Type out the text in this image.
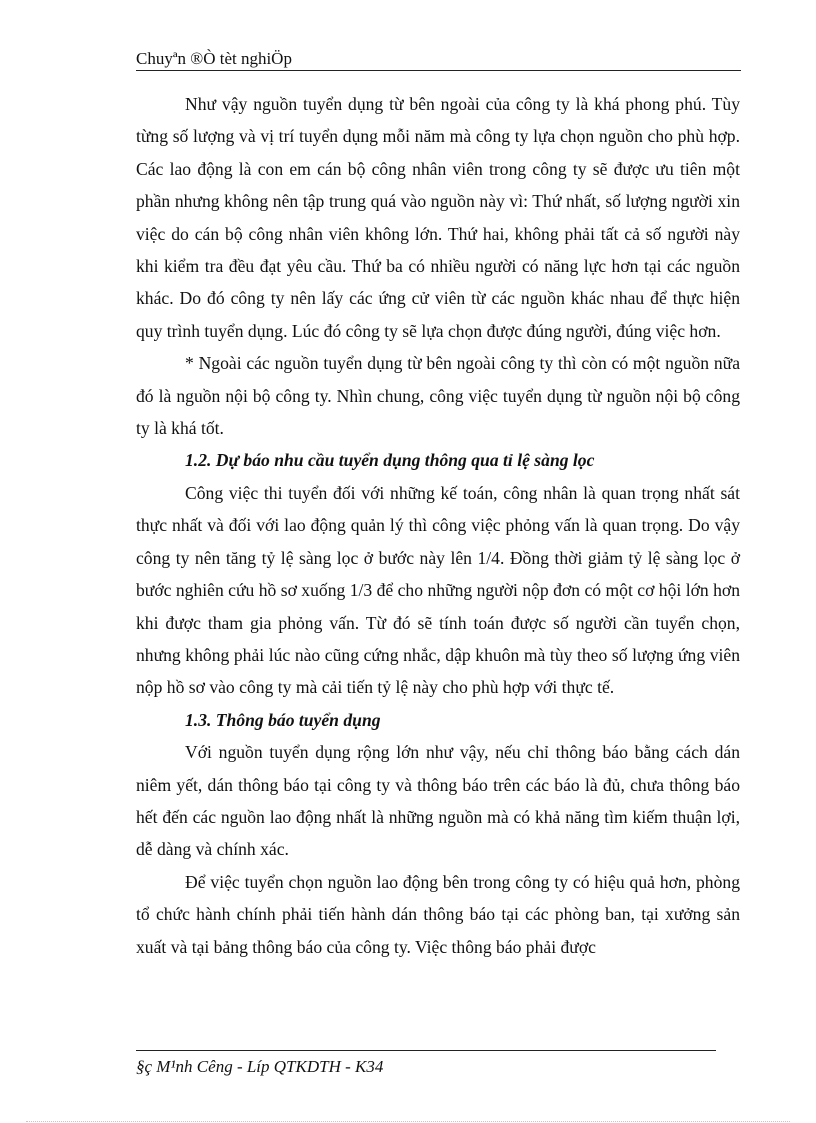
Chuyªn ®Ò tèt nghiÖp

Như vậy nguồn tuyển dụng từ bên ngoài của công ty là khá phong phú. Tùy từng số lượng và vị trí tuyển dụng mỗi năm mà công ty lựa chọn nguồn cho phù hợp. Các lao động là con em cán bộ công nhân viên trong công ty sẽ được ưu tiên một phần nhưng không nên tập trung quá vào nguồn này vì: Thứ nhất, số lượng người xin việc do cán bộ công nhân viên không lớn. Thứ hai, không phải tất cả số người này khi kiểm tra đều đạt yêu cầu. Thứ ba có nhiều người có năng lực hơn tại các nguồn khác. Do đó công ty nên lấy các ứng cử viên từ các nguồn khác nhau để thực hiện quy trình tuyển dụng. Lúc đó công ty sẽ lựa chọn được đúng người, đúng việc hơn.

* Ngoài các nguồn tuyển dụng từ bên ngoài công ty thì còn có một nguồn nữa đó là nguồn nội bộ công ty. Nhìn chung, công việc tuyển dụng từ nguồn nội bộ công ty là khá tốt.

1.2. Dự báo nhu cầu tuyển dụng thông qua tỉ lệ sàng lọc

Công việc thi tuyển đối với những kế toán, công nhân là quan trọng nhất sát thực nhất và đối với lao động quản lý thì công việc phỏng vấn là quan trọng. Do vậy công ty nên tăng tỷ lệ sàng lọc ở bước này lên 1/4. Đồng thời giảm tỷ lệ sàng lọc ở bước nghiên cứu hồ sơ xuống 1/3 để cho những người nộp đơn có một cơ hội lớn hơn khi được tham gia phỏng vấn. Từ đó sẽ tính toán được số người cần tuyển chọn, nhưng không phải lúc nào cũng cứng nhắc, dập khuôn mà tùy theo số lượng ứng viên nộp hồ sơ vào công ty mà cải tiến tỷ lệ này cho phù hợp với thực tế.

1.3. Thông báo tuyển dụng

Với nguồn tuyển dụng rộng lớn như vậy, nếu chỉ thông báo bằng cách dán niêm yết, dán thông báo tại công ty và thông báo trên các báo là đủ, chưa thông báo hết đến các nguồn lao động nhất là những nguồn mà có khả năng tìm kiếm thuận lợi, dễ dàng và chính xác.

Để việc tuyển chọn nguồn lao động bên trong công ty có hiệu quả hơn, phòng tổ chức hành chính phải tiến hành dán thông báo tại các phòng ban, tại xưởng sản xuất và tại bảng thông báo của công ty. Việc thông báo phải được

§ç M¹nh Cêng - Líp QTKDTH - K34
